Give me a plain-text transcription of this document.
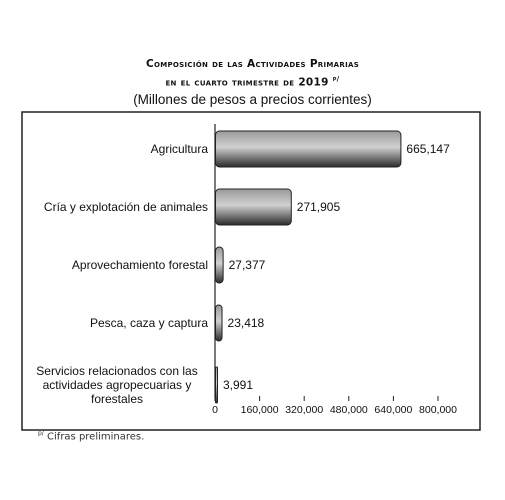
Composición de las Actividades Primarias
en el cuarto trimestre de 2019 $^{p/}$
(Millones de pesos a precios corrientes)
665,147
Agricultura
271,905
Cría y explotación de animales
27,377
Aprovechamiento forestal
23,418
Pesca, caza y captura
3,991
Servicios relacionados con las
actividades agropecuarias y
forestales
0 160,000 320,000 480,000 640,000 800,000
$^{p/}$ Cifras preliminares.
